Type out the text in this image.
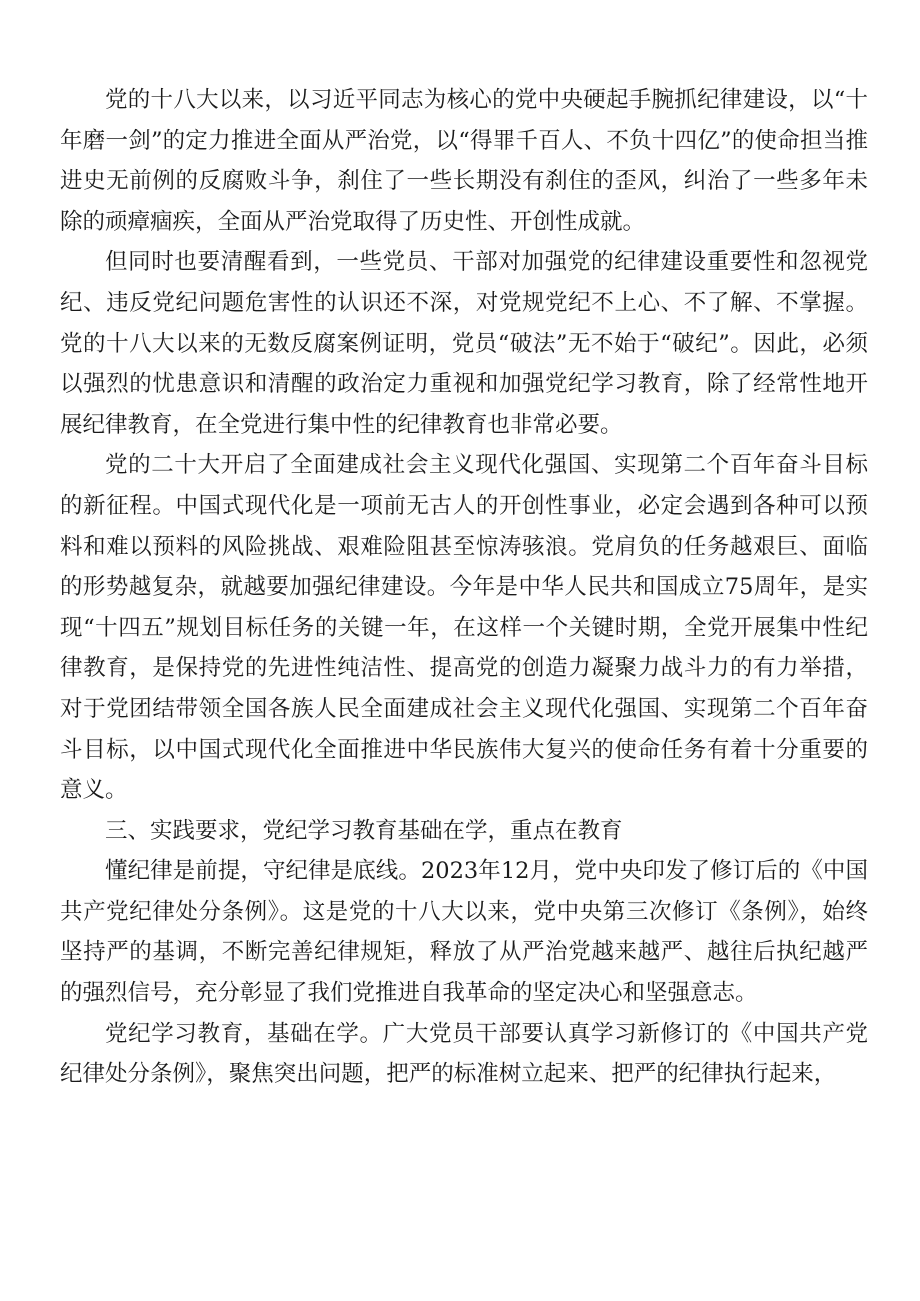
党的十八大以来，以习近平同志为核心的党中央硬起手腕抓纪律建设，以“十年磨一剑”的定力推进全面从严治党，以“得罪千百人、不负十四亿”的使命担当推进史无前例的反腐败斗争，刹住了一些长期没有刹住的歪风，纠治了一些多年未除的顽瘴痼疾，全面从严治党取得了历史性、开创性成就。

但同时也要清醒看到，一些党员、干部对加强党的纪律建设重要性和忽视党纪、违反党纪问题危害性的认识还不深，对党规党纪不上心、不了解、不掌握。党的十八大以来的无数反腐案例证明，党员“破法”无不始于“破纪”。因此，必须以强烈的忧患意识和清醒的政治定力重视和加强党纪学习教育，除了经常性地开展纪律教育，在全党进行集中性的纪律教育也非常必要。

党的二十大开启了全面建成社会主义现代化强国、实现第二个百年奋斗目标的新征程。中国式现代化是一项前无古人的开创性事业，必定会遇到各种可以预料和难以预料的风险挑战、艰难险阻甚至惊涛骇浪。党肩负的任务越艰巨、面临的形势越复杂，就越要加强纪律建设。今年是中华人民共和国成立75周年，是实现“十四五”规划目标任务的关键一年，在这样一个关键时期，全党开展集中性纪律教育，是保持党的先进性纯洁性、提高党的创造力凝聚力战斗力的有力举措，对于党团结带领全国各族人民全面建成社会主义现代化强国、实现第二个百年奋斗目标，以中国式现代化全面推进中华民族伟大复兴的使命任务有着十分重要的意义。

三、实践要求，党纪学习教育基础在学，重点在教育

懂纪律是前提，守纪律是底线。2023年12月，党中央印发了修订后的《中国共产党纪律处分条例》。这是党的十八大以来，党中央第三次修订《条例》，始终坚持严的基调，不断完善纪律规矩，释放了从严治党越来越严、越往后执纪越严的强烈信号，充分彰显了我们党推进自我革命的坚定决心和坚强意志。

党纪学习教育，基础在学。广大党员干部要认真学习新修订的《中国共产党纪律处分条例》，聚焦突出问题，把严的标准树立起来、把严的纪律执行起来，
